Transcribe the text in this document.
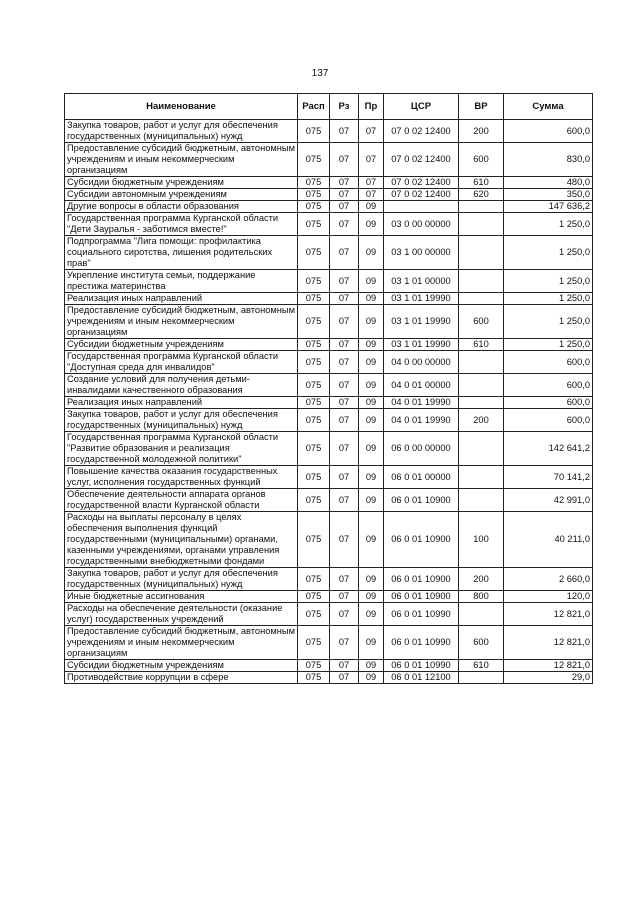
137
Наименование	Расп	Рз	Пр	ЦСР	ВР	Сумма
Закупка товаров, работ и услуг для обеспечения государственных (муниципальных) нужд	075	07	07	07 0 02 12400	200	600,0
Предоставление субсидий бюджетным, автономным учреждениям и иным некоммерческим организациям	075	07	07	07 0 02 12400	600	830,0
Субсидии бюджетным учреждениям	075	07	07	07 0 02 12400	610	480,0
Субсидии автономным учреждениям	075	07	07	07 0 02 12400	620	350,0
Другие вопросы в области образования	075	07	09			147 636,2
Государственная программа Курганской области "Дети Зауралья - заботимся вместе!"	075	07	09	03 0 00 00000		1 250,0
Подпрограмма "Лига помощи: профилактика социального сиротства, лишения родительских прав"	075	07	09	03 1 00 00000		1 250,0
Укрепление института семьи, поддержание престижа материнства	075	07	09	03 1 01 00000		1 250,0
Реализация иных направлений	075	07	09	03 1 01 19990		1 250,0
Предоставление субсидий бюджетным, автономным учреждениям и иным некоммерческим организациям	075	07	09	03 1 01 19990	600	1 250,0
Субсидии бюджетным учреждениям	075	07	09	03 1 01 19990	610	1 250,0
Государственная программа Курганской области "Доступная среда для инвалидов"	075	07	09	04 0 00 00000		600,0
Создание условий для получения детьми-инвалидами качественного образования	075	07	09	04 0 01 00000		600,0
Реализация иных направлений	075	07	09	04 0 01 19990		600,0
Закупка товаров, работ и услуг для обеспечения государственных (муниципальных) нужд	075	07	09	04 0 01 19990	200	600,0
Государственная программа Курганской области "Развитие образования и реализация государственной молодежной политики"	075	07	09	06 0 00 00000		142 641,2
Повышение качества оказания государственных услуг, исполнения государственных функций	075	07	09	06 0 01 00000		70 141,2
Обеспечение деятельности аппарата органов государственной власти Курганской области	075	07	09	06 0 01 10900		42 991,0
Расходы на выплаты персоналу в целях обеспечения выполнения функций государственными (муниципальными) органами, казенными учреждениями, органами управления государственными внебюджетными фондами	075	07	09	06 0 01 10900	100	40 211,0
Закупка товаров, работ и услуг для обеспечения государственных (муниципальных) нужд	075	07	09	06 0 01 10900	200	2 660,0
Иные бюджетные ассигнования	075	07	09	06 0 01 10900	800	120,0
Расходы на обеспечение деятельности (оказание услуг) государственных учреждений	075	07	09	06 0 01 10990		12 821,0
Предоставление субсидий бюджетным, автономным учреждениям и иным некоммерческим организациям	075	07	09	06 0 01 10990	600	12 821,0
Субсидии бюджетным учреждениям	075	07	09	06 0 01 10990	610	12 821,0
Противодействие коррупции в сфере	075	07	09	06 0 01 12100		29,0
